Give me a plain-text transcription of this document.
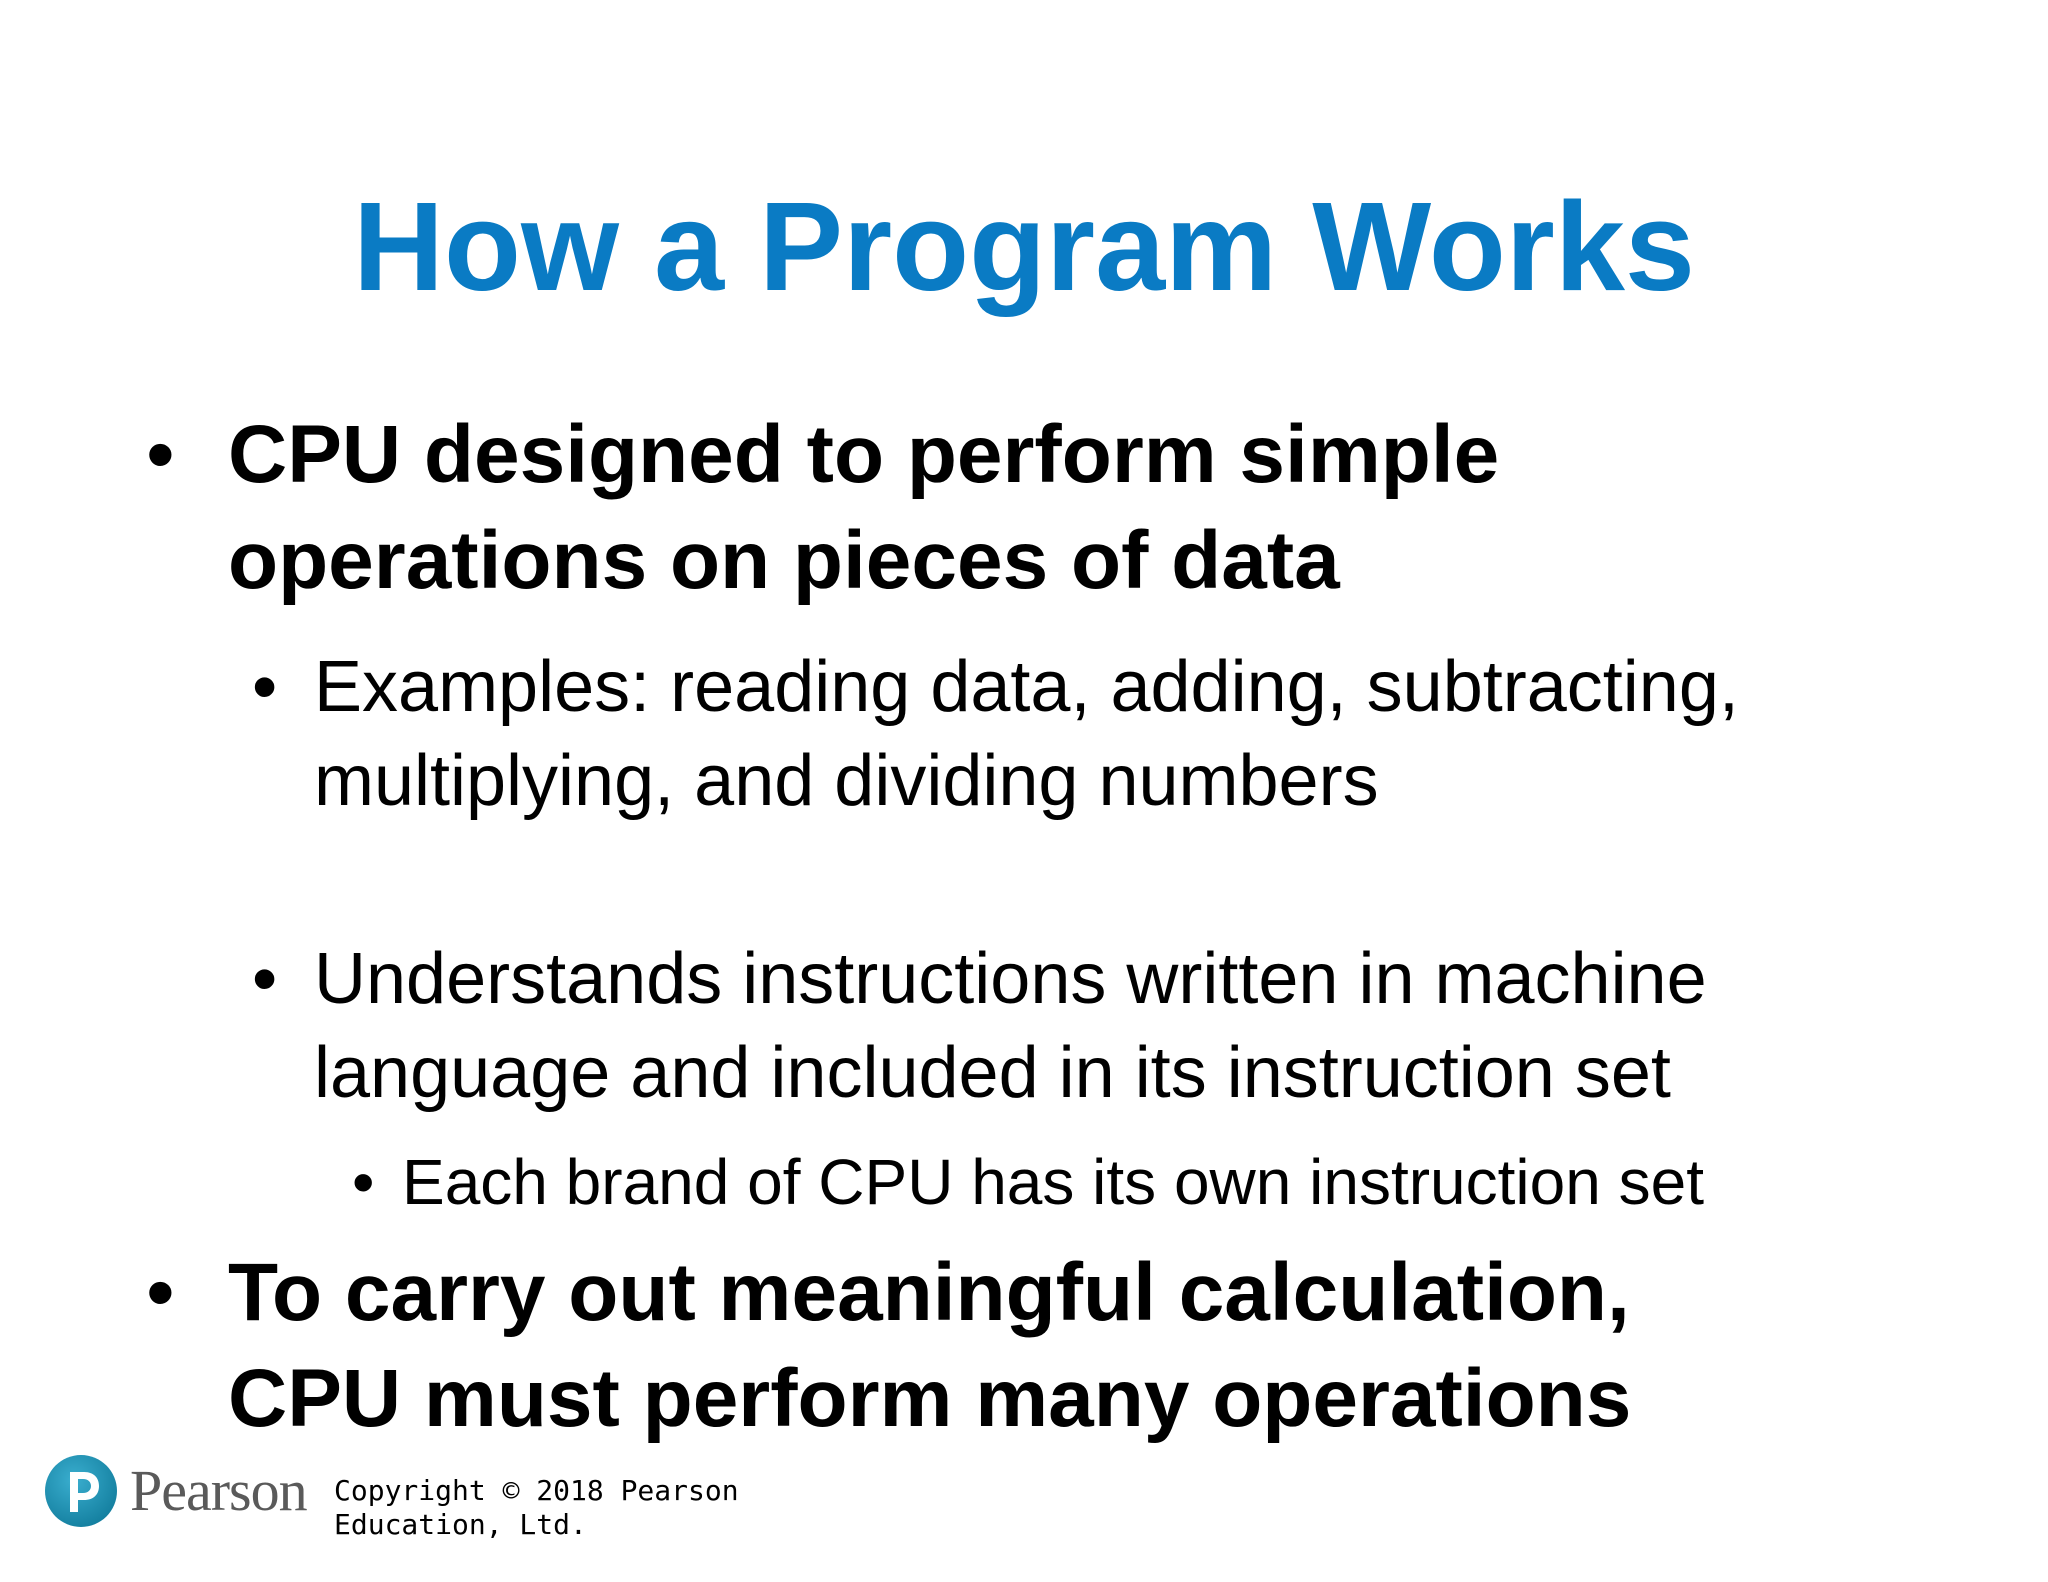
How a Program Works
• CPU designed to perform simple operations on pieces of data
• Examples: reading data, adding, subtracting, multiplying, and dividing numbers
• Understands instructions written in machine language and included in its instruction set
• Each brand of CPU has its own instruction set
• To carry out meaningful calculation, CPU must perform many operations
Pearson Copyright © 2018 Pearson Education, Ltd.
